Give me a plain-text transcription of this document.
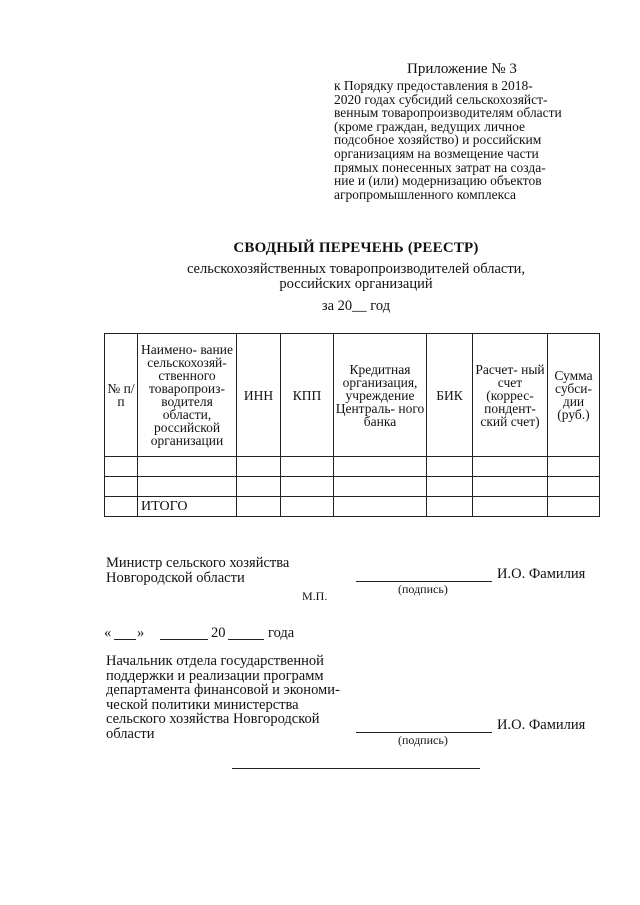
Приложение № 3
к Порядку предоставления в 2018-
2020 годах субсидий сельскохозяйст-
венным товаропроизводителям области
(кроме граждан, ведущих личное
подсобное хозяйство) и российским
организациям на возмещение части
прямых понесенных затрат на созда-
ние и (или) модернизацию объектов
агропромышленного комплекса
СВОДНЫЙ ПЕРЕЧЕНЬ (РЕЕСТР)
сельскохозяйственных товаропроизводителей области,
российских организаций
за 20__ год
№ п/п	Наимено- вание сельскохозяй- ственного товаропроиз- водителя области, российской организации	ИНН	КПП	Кредитная организация, учреждение Централь- ного банка	БИК	Расчет- ный счет (коррес- пондент- ский счет)	Сумма субси- дии (руб.)

	ИТОГО						
Министр сельского хозяйства
Новгородской области	И.О. Фамилия
(подпись)
М.П.
« »	20	года
Начальник отдела государственной
поддержки и реализации программ
департамента финансовой и экономи-
ческой политики министерства
сельского хозяйства Новгородской
области
И.О. Фамилия
(подпись)
